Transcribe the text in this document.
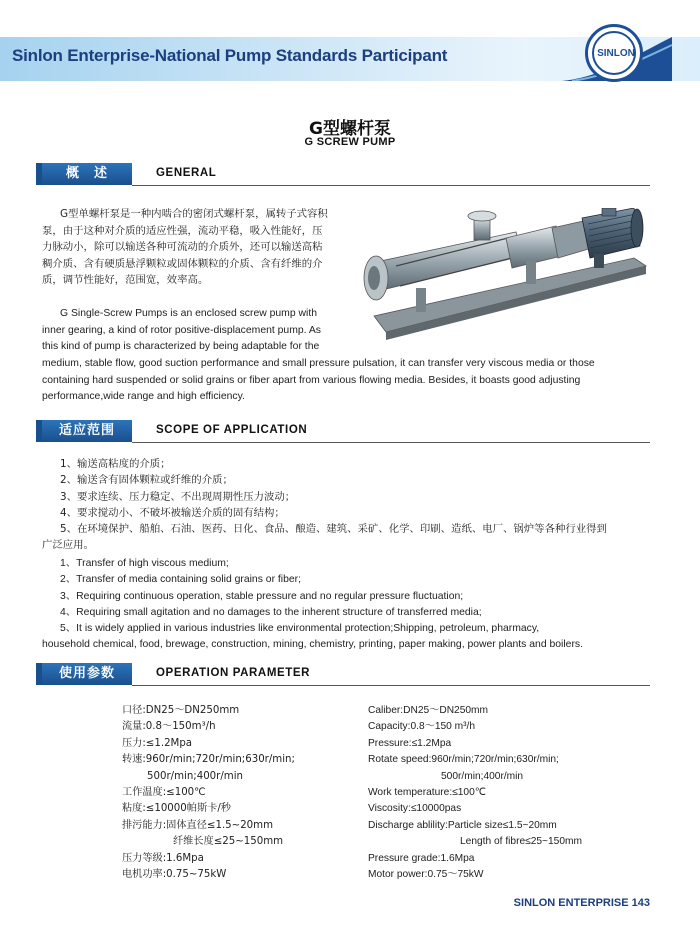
Sinlon Enterprise-National Pump Standards Participant	SINLON
G型螺杆泵
G SCREW PUMP
概　述	GENERAL
G型单螺杆泵是一种内啮合的密闭式螺杆泵，属转子式容积
泵，由于这种对介质的适应性强，流动平稳，吸入性能好，压
力脉动小，除可以输送各种可流动的介质外，还可以输送高粘
稠介质、含有硬质悬浮颗粒或固体颗粒的介质、含有纤维的介
质，调节性能好，范围宽，效率高。
G Single-Screw Pumps is an enclosed screw pump with
inner gearing, a kind of rotor positive-displacement pump. As
this kind of pump is characterized by being adaptable for the
medium, stable flow, good suction performance and small pressure pulsation, it can transfer very viscous media or those
containing hard suspended or solid grains or fiber apart from various flowing media. Besides, it boasts good adjusting
performance,wide range and high efficiency.
适应范围	SCOPE OF APPLICATION
1、输送高粘度的介质；
2、输送含有固体颗粒或纤维的介质；
3、要求连续、压力稳定、不出现周期性压力波动；
4、要求搅动小、不破坏被输送介质的固有结构；
5、在环境保护、船舶、石油、医药、日化、食品、酿造、建筑、采矿、化学、印刷、造纸、电厂、锅炉等各种行业得到
广泛应用。
1、Transfer of high viscous medium;
2、Transfer of media containing solid grains or fiber;
3、Requiring continuous operation, stable pressure and no regular pressure fluctuation;
4、Requiring small agitation and no damages to the inherent structure of transferred media;
5、It is widely applied in various industries like environmental protection;Shipping, petroleum, pharmacy,
household chemical, food, brewage, construction, mining, chemistry, printing, paper making, power plants and boilers.
使用参数	OPERATION PARAMETER
口径:DN25～DN250mm
流量:0.8～150m³/h
压力:≤1.2Mpa
转速:960r/min;720r/min;630r/min;
500r/min;400r/min
工作温度:≤100℃
粘度:≤10000帕斯卡/秒
排污能力:固体直径≤1.5~20mm
纤维长度≤25~150mm
压力等级:1.6Mpa
电机功率:0.75~75kW
Caliber:DN25～DN250mm
Capacity:0.8～150 m³/h
Pressure:≤1.2Mpa
Rotate speed:960r/min;720r/min;630r/min;
500r/min;400r/min
Work temperature:≤100℃
Viscosity:≤10000pas
Discharge ablility:Particle size≤1.5~20mm
Length of fibre≤25~150mm
Pressure grade:1.6Mpa
Motor power:0.75～75kW
SINLON ENTERPRISE 143
